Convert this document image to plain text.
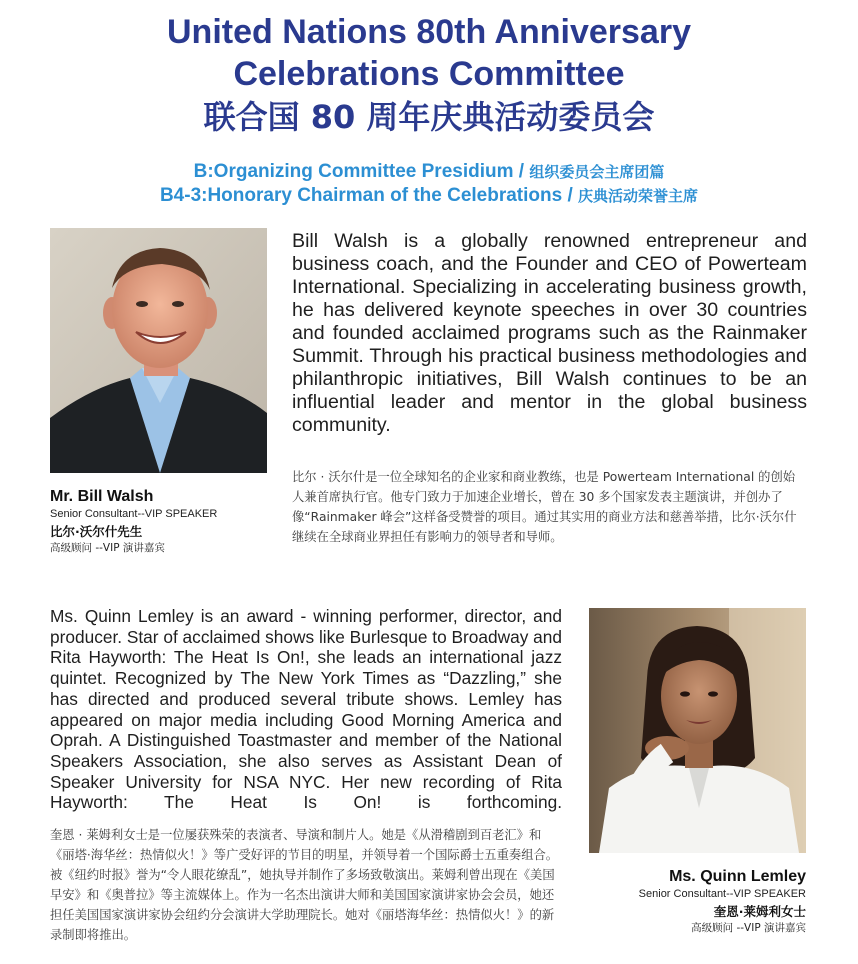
United Nations 80th Anniversary
Celebrations Committee
联合国 80 周年庆典活动委员会
B:Organizing Committee Presidium / 组织委员会主席团篇
B4-3:Honorary Chairman of the Celebrations / 庆典活动荣誉主席

Bill Walsh is a globally renowned entrepreneur and business coach, and the Founder and CEO of Powerteam International. Specializing in accelerating business growth, he has delivered keynote speeches in over 30 countries and founded acclaimed programs such as the Rainmaker Summit. Through his practical business methodologies and philanthropic initiatives, Bill Walsh continues to be an influential leader and mentor in the global business community.

比尔 · 沃尔什是一位全球知名的企业家和商业教练，也是 Powerteam International 的创始人兼首席执行官。他专门致力于加速企业增长，曾在 30 多个国家发表主题演讲，并创办了像“Rainmaker 峰会”这样备受赞誉的项目。通过其实用的商业方法和慈善举措，比尔·沃尔什继续在全球商业界担任有影响力的领导者和导师。

Mr. Bill Walsh
Senior Consultant--VIP SPEAKER
比尔·沃尔什先生
高级顾问 --VIP 演讲嘉宾

Ms. Quinn Lemley is an award - winning performer, director, and producer. Star of acclaimed shows like Burlesque to Broadway and Rita Hayworth: The Heat Is On!, she leads an international jazz quintet. Recognized by The New York Times as “Dazzling,” she has directed and produced several tribute shows. Lemley has appeared on major media including Good Morning America and Oprah. A Distinguished Toastmaster and member of the National Speakers Association, she also serves as Assistant Dean of Speaker University for NSA NYC. Her new recording of Rita Hayworth: The Heat Is On! is forthcoming.

奎恩 · 莱姆利女士是一位屡获殊荣的表演者、导演和制片人。她是《从滑稽剧到百老汇》和《丽塔·海华丝：热情似火！》等广受好评的节目的明星，并领导着一个国际爵士五重奏组合。被《纽约时报》誉为“令人眼花缭乱”，她执导并制作了多场致敬演出。莱姆利曾出现在《美国早安》和《奥普拉》等主流媒体上。作为一名杰出演讲大师和美国国家演讲家协会会员，她还担任美国国家演讲家协会纽约分会演讲大学助理院长。她对《丽塔海华丝：热情似火！》的新录制即将推出。

Ms. Quinn Lemley
Senior Consultant--VIP SPEAKER
奎恩·莱姆利女士
高级顾问 --VIP 演讲嘉宾
